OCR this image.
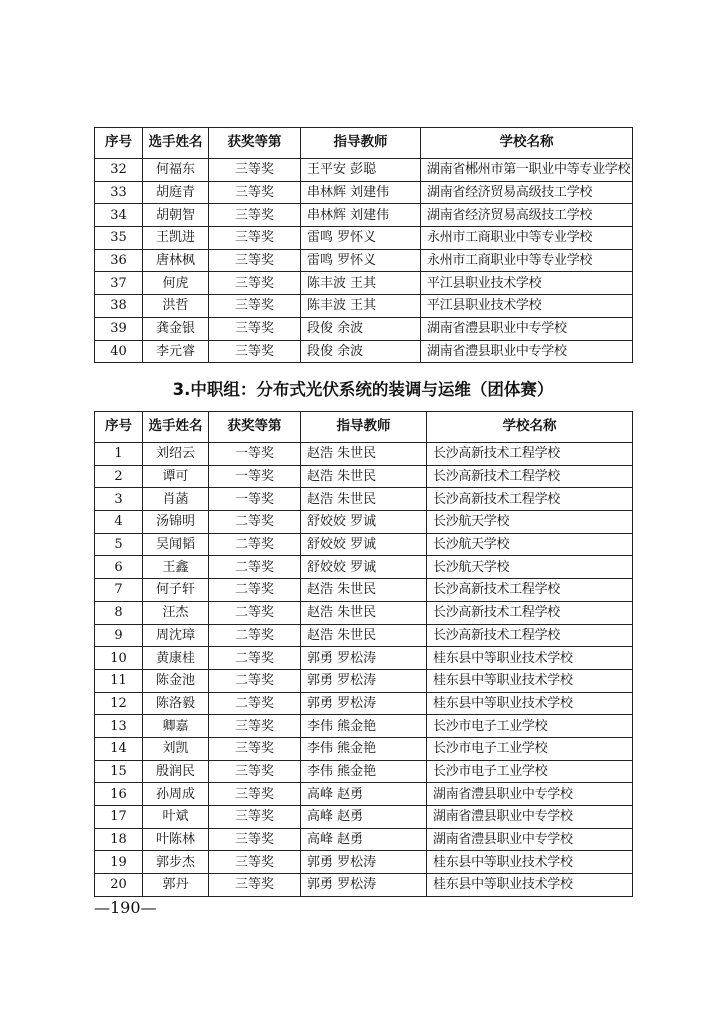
序号	选手姓名	获奖等第	指导教师	学校名称
32	何福东	三等奖	王平安 彭聪	湖南省郴州市第一职业中等专业学校
33	胡庭青	三等奖	串林辉 刘建伟	湖南省经济贸易高级技工学校
34	胡朝智	三等奖	串林辉 刘建伟	湖南省经济贸易高级技工学校
35	王凯进	三等奖	雷鸣 罗怀义	永州市工商职业中等专业学校
36	唐林枫	三等奖	雷鸣 罗怀义	永州市工商职业中等专业学校
37	何虎	三等奖	陈丰波 王其	平江县职业技术学校
38	洪哲	三等奖	陈丰波 王其	平江县职业技术学校
39	龚金银	三等奖	段俊 余波	湖南省澧县职业中专学校
40	李元睿	三等奖	段俊 余波	湖南省澧县职业中专学校
3.中职组：分布式光伏系统的装调与运维（团体赛）
序号	选手姓名	获奖等第	指导教师	学校名称
1	刘绍云	一等奖	赵浩 朱世民	长沙高新技术工程学校
2	谭可	一等奖	赵浩 朱世民	长沙高新技术工程学校
3	肖菡	一等奖	赵浩 朱世民	长沙高新技术工程学校
4	汤锦明	二等奖	舒姣姣 罗诚	长沙航天学校
5	吴闻韬	二等奖	舒姣姣 罗诚	长沙航天学校
6	王鑫	二等奖	舒姣姣 罗诚	长沙航天学校
7	何子轩	二等奖	赵浩 朱世民	长沙高新技术工程学校
8	汪杰	二等奖	赵浩 朱世民	长沙高新技术工程学校
9	周沈璋	二等奖	赵浩 朱世民	长沙高新技术工程学校
10	黄康桂	二等奖	郭勇 罗松涛	桂东县中等职业技术学校
11	陈金池	二等奖	郭勇 罗松涛	桂东县中等职业技术学校
12	陈洛毅	二等奖	郭勇 罗松涛	桂东县中等职业技术学校
13	卿嘉	三等奖	李伟 熊金艳	长沙市电子工业学校
14	刘凯	三等奖	李伟 熊金艳	长沙市电子工业学校
15	殷润民	三等奖	李伟 熊金艳	长沙市电子工业学校
16	孙周成	三等奖	高峰 赵勇	湖南省澧县职业中专学校
17	叶斌	三等奖	高峰 赵勇	湖南省澧县职业中专学校
18	叶陈林	三等奖	高峰 赵勇	湖南省澧县职业中专学校
19	郭步杰	三等奖	郭勇 罗松涛	桂东县中等职业技术学校
20	郭丹	三等奖	郭勇 罗松涛	桂东县中等职业技术学校
—190—
